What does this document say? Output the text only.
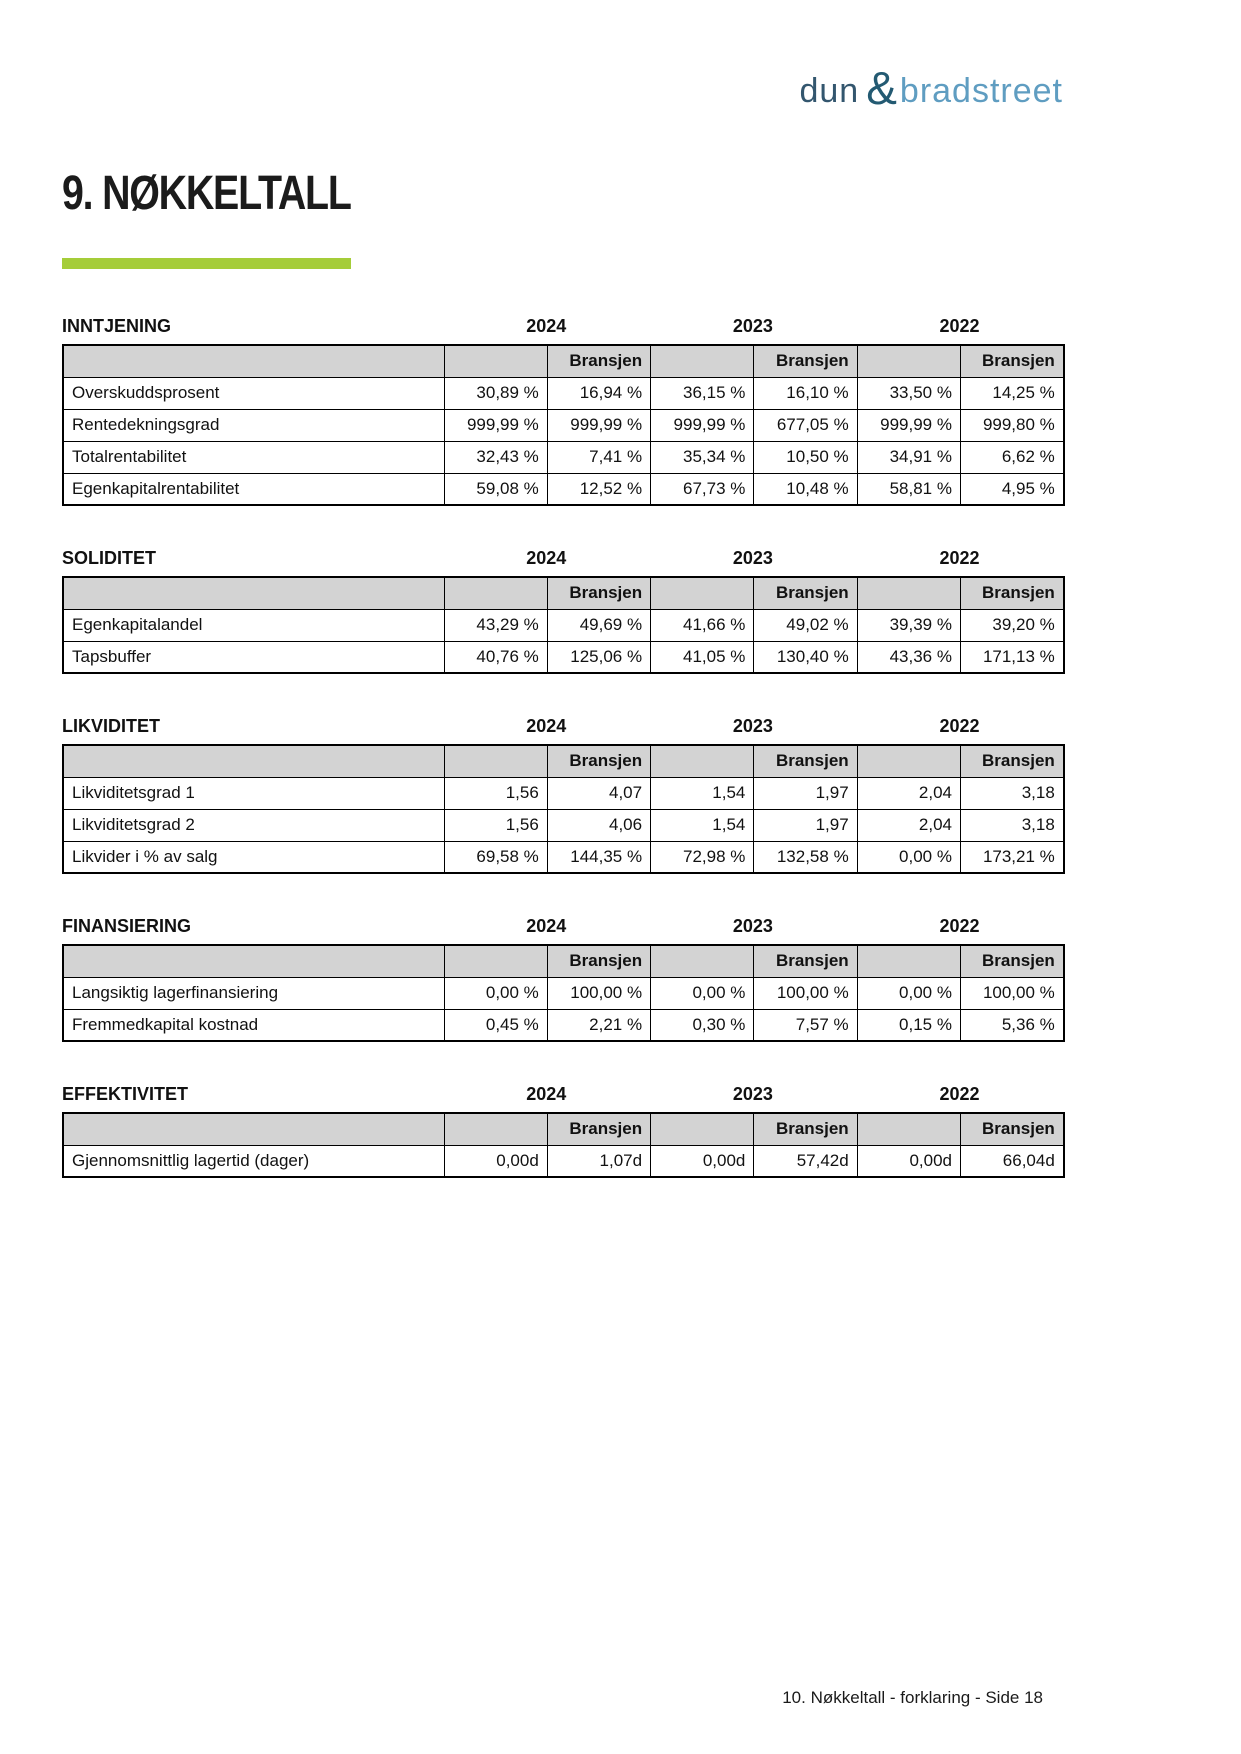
dun & bradstreet
9. NØKKELTALL
INNTJENING	2024	2023	2022
		Bransjen		Bransjen		Bransjen
Overskuddsprosent	30,89 %	16,94 %	36,15 %	16,10 %	33,50 %	14,25 %
Rentedekningsgrad	999,99 %	999,99 %	999,99 %	677,05 %	999,99 %	999,80 %
Totalrentabilitet	32,43 %	7,41 %	35,34 %	10,50 %	34,91 %	6,62 %
Egenkapitalrentabilitet	59,08 %	12,52 %	67,73 %	10,48 %	58,81 %	4,95 %
SOLIDITET	2024	2023	2022
		Bransjen		Bransjen		Bransjen
Egenkapitalandel	43,29 %	49,69 %	41,66 %	49,02 %	39,39 %	39,20 %
Tapsbuffer	40,76 %	125,06 %	41,05 %	130,40 %	43,36 %	171,13 %
LIKVIDITET	2024	2023	2022
		Bransjen		Bransjen		Bransjen
Likviditetsgrad 1	1,56	4,07	1,54	1,97	2,04	3,18
Likviditetsgrad 2	1,56	4,06	1,54	1,97	2,04	3,18
Likvider i % av salg	69,58 %	144,35 %	72,98 %	132,58 %	0,00 %	173,21 %
FINANSIERING	2024	2023	2022
		Bransjen		Bransjen		Bransjen
Langsiktig lagerfinansiering	0,00 %	100,00 %	0,00 %	100,00 %	0,00 %	100,00 %
Fremmedkapital kostnad	0,45 %	2,21 %	0,30 %	7,57 %	0,15 %	5,36 %
EFFEKTIVITET	2024	2023	2022
		Bransjen		Bransjen		Bransjen
Gjennomsnittlig lagertid (dager)	0,00d	1,07d	0,00d	57,42d	0,00d	66,04d
10. Nøkkeltall - forklaring - Side 18
